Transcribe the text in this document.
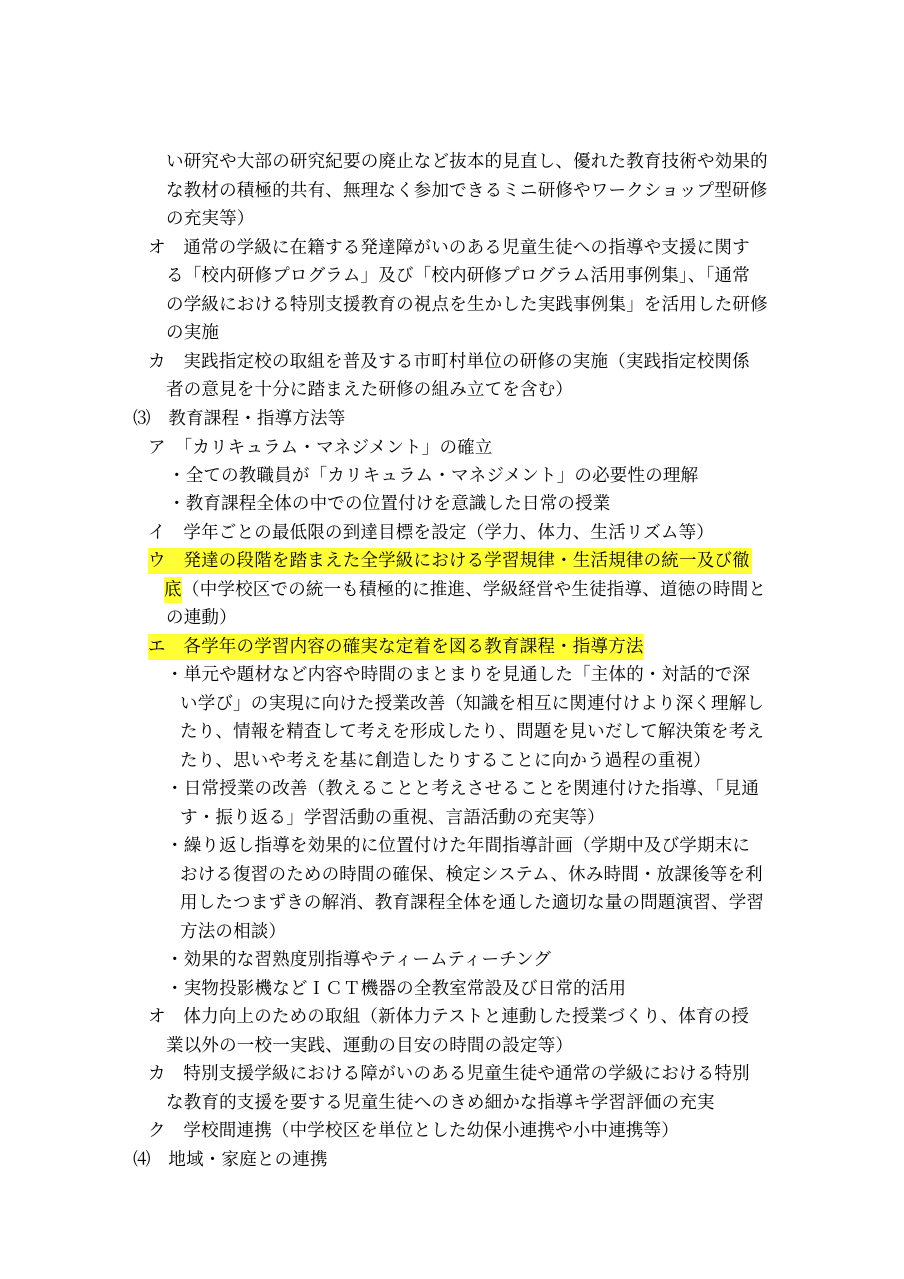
い研究や大部の研究紀要の廃止など抜本的見直し、優れた教育技術や効果的
な教材の積極的共有、無理なく参加できるミニ研修やワークショップ型研修
の充実等）
オ　通常の学級に在籍する発達障がいのある児童生徒への指導や支援に関す
る「校内研修プログラム」及び「校内研修プログラム活用事例集」、「通常
の学級における特別支援教育の視点を生かした実践事例集」を活用した研修
の実施
カ　実践指定校の取組を普及する市町村単位の研修の実施（実践指定校関係
者の意見を十分に踏まえた研修の組み立てを含む）
⑶　教育課程・指導方法等
ア　「カリキュラム・マネジメント」の確立
・全ての教職員が「カリキュラム・マネジメント」の必要性の理解
・教育課程全体の中での位置付けを意識した日常の授業
イ　学年ごとの最低限の到達目標を設定（学力、体力、生活リズム等）
ウ　発達の段階を踏まえた全学級における学習規律・生活規律の統一及び徹
底 （中学校区での統一も積極的に推進、学級経営や生徒指導、道徳の時間と
の連動）
エ　各学年の学習内容の確実な定着を図る教育課程・指導方法
・単元や題材など内容や時間のまとまりを見通した「主体的・対話的で深
い学び」の実現に向けた授業改善（知識を相互に関連付けより深く理解し
たり、情報を精査して考えを形成したり、問題を見いだして解決策を考え
たり、思いや考えを基に創造したりすることに向かう過程の重視）
・日常授業の改善（教えることと考えさせることを関連付けた指導、「見通
す・振り返る」学習活動の重視、言語活動の充実等）
・繰り返し指導を効果的に位置付けた年間指導計画（学期中及び学期末に
おける復習のための時間の確保、検定システム、休み時間・放課後等を利
用したつまずきの解消、教育課程全体を通した適切な量の問題演習、学習
方法の相談）
・効果的な習熟度別指導やティームティーチング
・実物投影機などＩＣＴ機器の全教室常設及び日常的活用
オ　体力向上のための取組（新体力テストと連動した授業づくり、体育の授
業以外の一校一実践、運動の目安の時間の設定等）
カ　特別支援学級における障がいのある児童生徒や通常の学級における特別
な教育的支援を要する児童生徒へのきめ細かな指導キ学習評価の充実
ク　学校間連携（中学校区を単位とした幼保小連携や小中連携等）
⑷　地域・家庭との連携
